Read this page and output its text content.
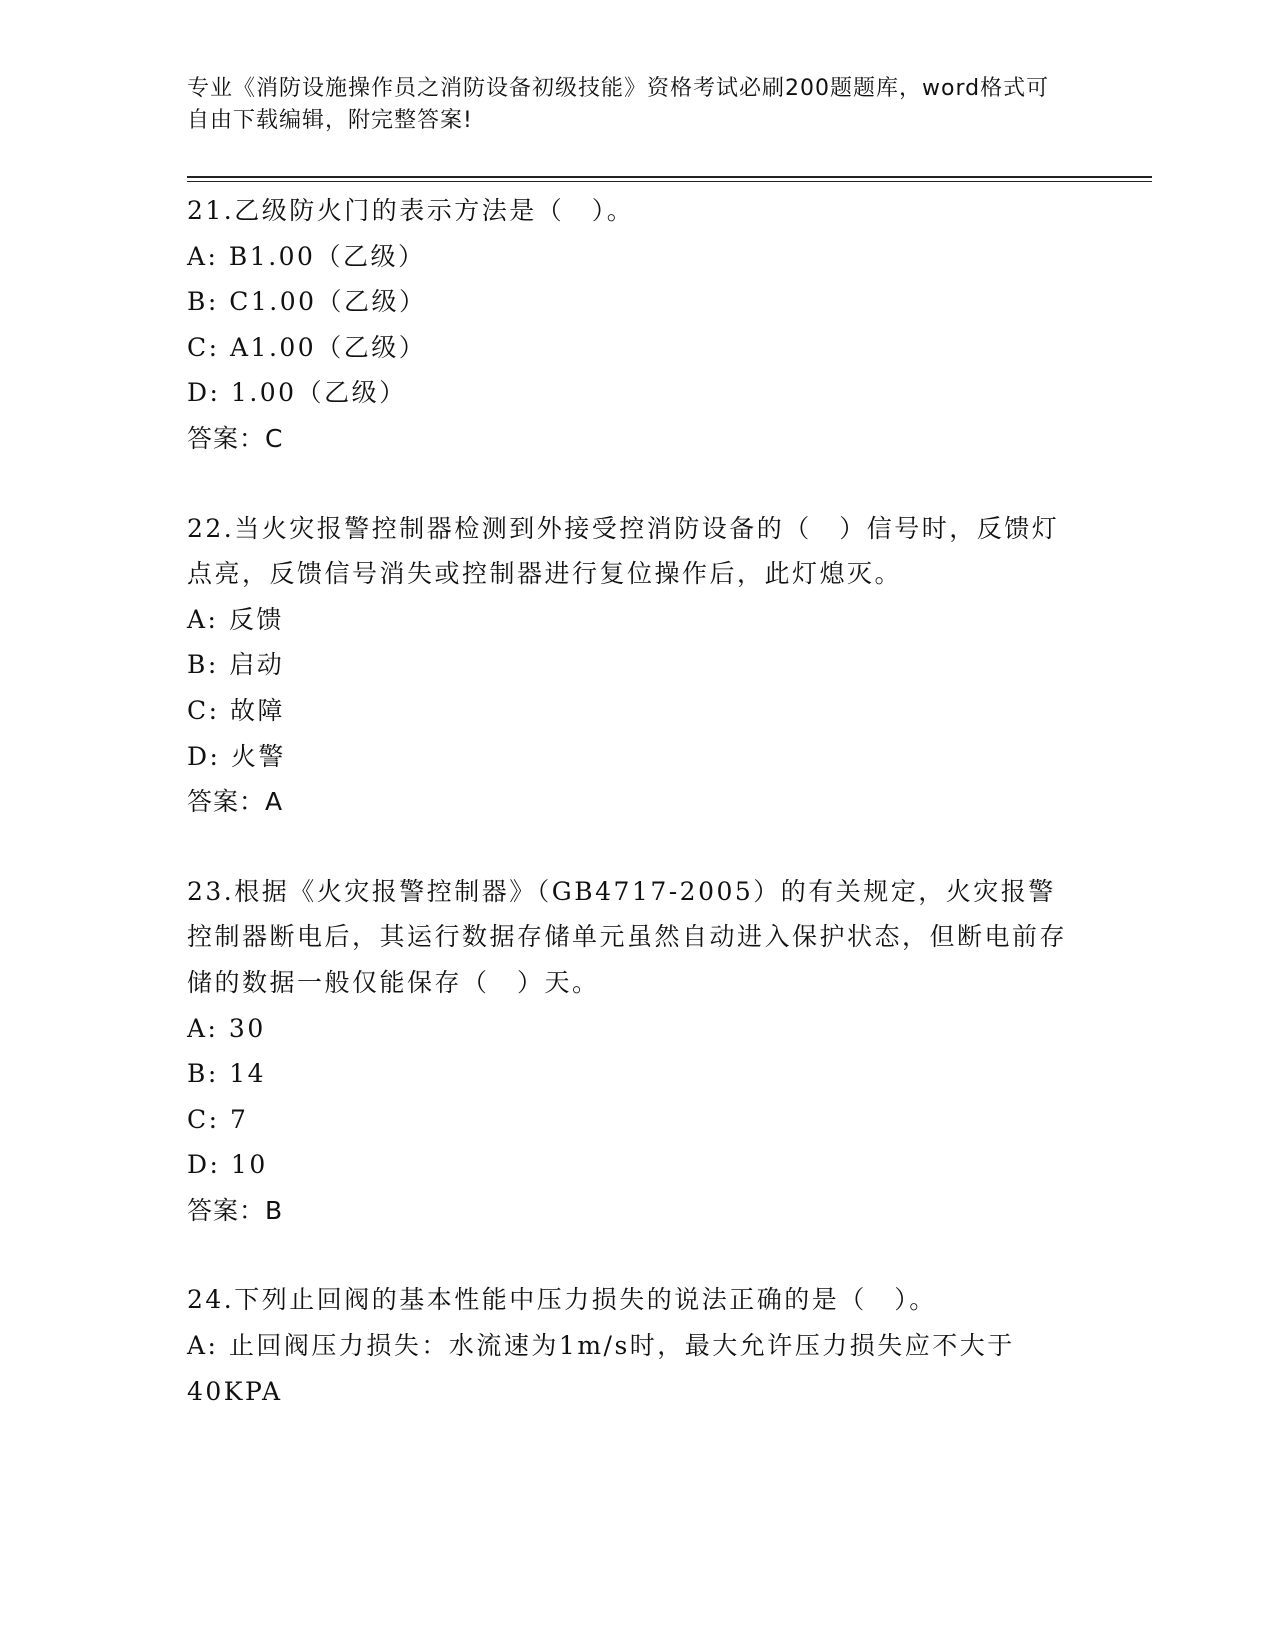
专业《消防设施操作员之消防设备初级技能》资格考试必刷200题题库，word格式可自由下载编辑，附完整答案!
21.乙级防火门的表示方法是（　）。
A: B1.00（乙级）
B: C1.00（乙级）
C: A1.00（乙级）
D: 1.00（乙级）
答案：C
22.当火灾报警控制器检测到外接受控消防设备的（　）信号时，反馈灯点亮，反馈信号消失或控制器进行复位操作后，此灯熄灭。
A: 反馈
B: 启动
C: 故障
D: 火警
答案：A
23.根据《火灾报警控制器》（GB4717-2005）的有关规定，火灾报警控制器断电后，其运行数据存储单元虽然自动进入保护状态，但断电前存储的数据一般仅能保存（　）天。
A: 30
B: 14
C: 7
D: 10
答案：B
24.下列止回阀的基本性能中压力损失的说法正确的是（　）。
A: 止回阀压力损失：水流速为1m/s时，最大允许压力损失应不大于40KPA
